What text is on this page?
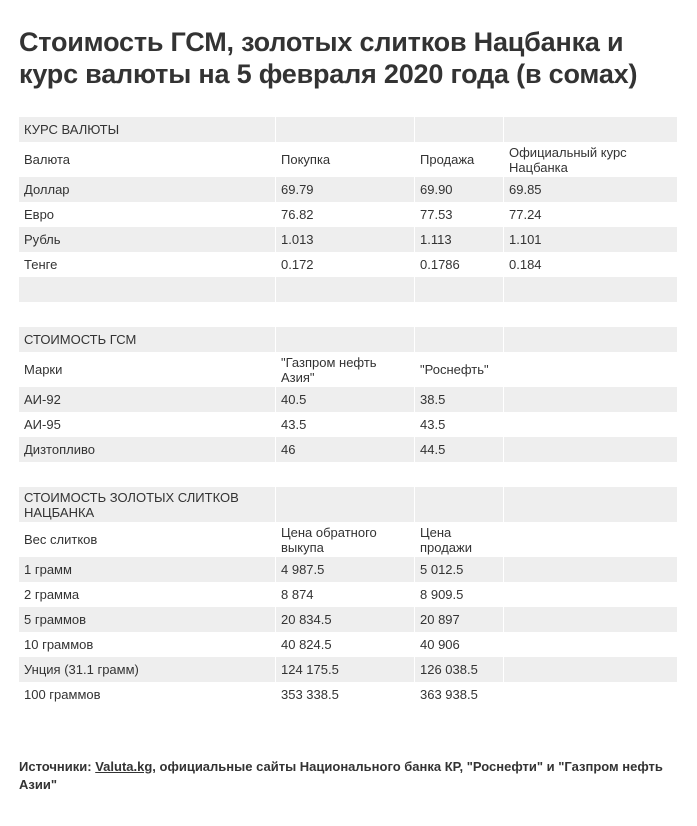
Стоимость ГСМ, золотых слитков Нацбанка и курс валюты на 5 февраля 2020 года (в сомах)
КУРС ВАЛЮТЫ			
Валюта	Покупка	Продажа	Официальный курс Нацбанка
Доллар	69.79	69.90	69.85
Евро	76.82	77.53	77.24
Рубль	1.013	1.113	1.101
Тенге	0.172	0.1786	0.184

СТОИМОСТЬ ГСМ			
Марки	"Газпром нефть Азия"	"Роснефть"	
АИ-92	40.5	38.5	
АИ-95	43.5	43.5	
Дизтопливо	46	44.5	

СТОИМОСТЬ ЗОЛОТЫХ СЛИТКОВ НАЦБАНКА			
Вес слитков	Цена обратного выкупа	Цена продажи	
1 грамм	4 987.5	5 012.5	
2 грамма	8 874	8 909.5	
5 граммов	20 834.5	20 897	
10 граммов	40 824.5	40 906	
Унция (31.1 грамм)	124 175.5	126 038.5	
100 граммов	353 338.5	363 938.5	
Источники: Valuta.kg, официальные сайты Национального банка КР, "Роснефти" и "Газпром нефть Азии"
